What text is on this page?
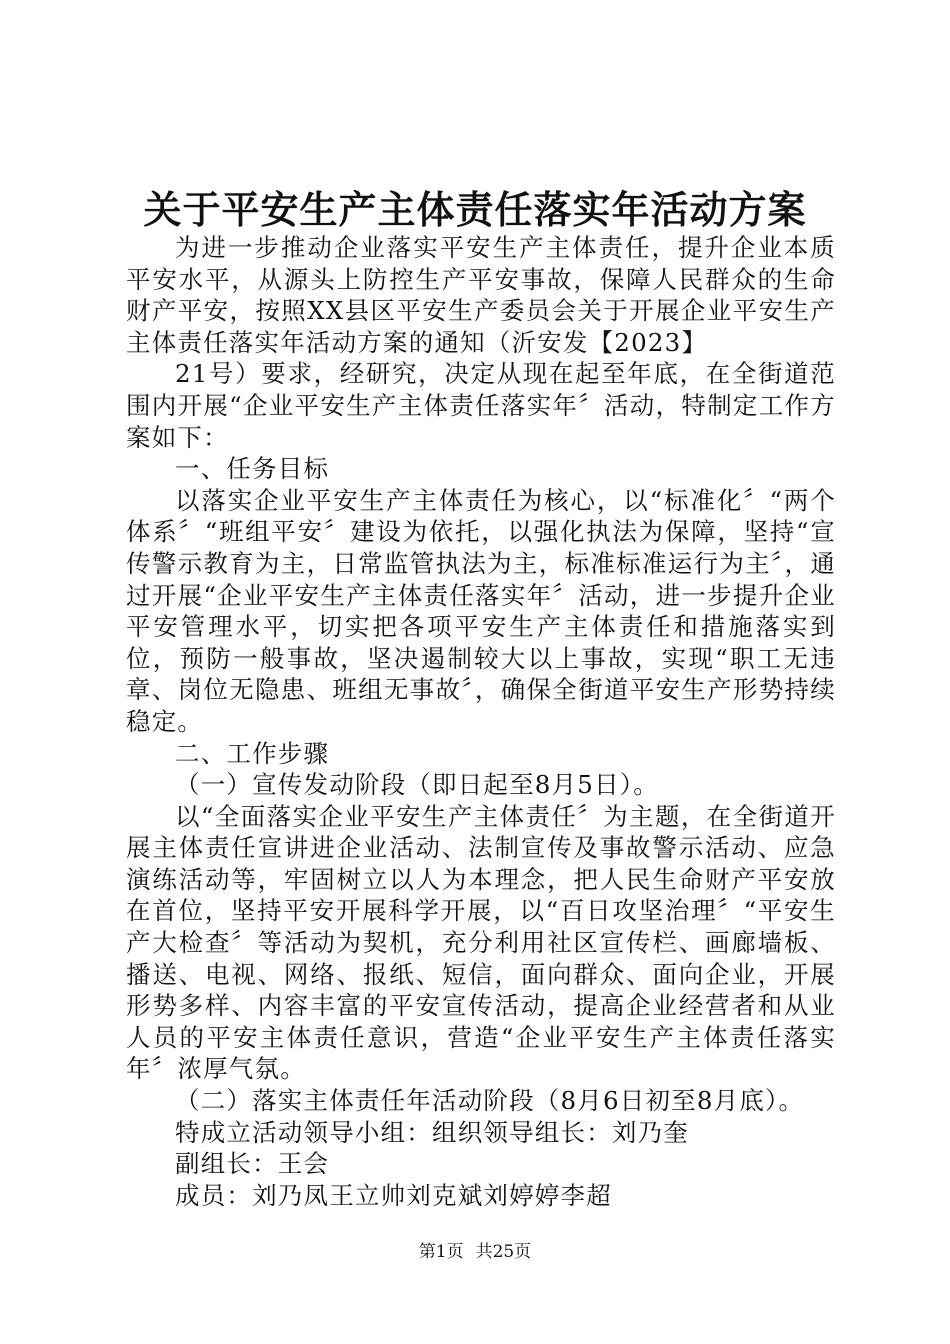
关于平安生产主体责任落实年活动方案

为进一步推动企业落实平安生产主体责任，提升企业本质平安水平，从源头上防控生产平安事故，保障人民群众的生命财产平安，按照XX县区平安生产委员会关于开展企业平安生产主体责任落实年活动方案的通知（沂安发【2023】

21号）要求，经研究，决定从现在起至年底，在全街道范围内开展“企业平安生产主体责任落实年〞活动，特制定工作方案如下：

一、任务目标

以落实企业平安生产主体责任为核心，以“标准化〞“两个体系〞“班组平安〞建设为依托，以强化执法为保障，坚持“宣传警示教育为主，日常监管执法为主，标准标准运行为主〞，通过开展“企业平安生产主体责任落实年〞活动，进一步提升企业平安管理水平，切实把各项平安生产主体责任和措施落实到位，预防一般事故，坚决遏制较大以上事故，实现“职工无违章、岗位无隐患、班组无事故〞，确保全街道平安生产形势持续稳定。

二、工作步骤

（一）宣传发动阶段（即日起至8月5日）。

以“全面落实企业平安生产主体责任〞为主题，在全街道开展主体责任宣讲进企业活动、法制宣传及事故警示活动、应急演练活动等，牢固树立以人为本理念，把人民生命财产平安放在首位，坚持平安开展科学开展，以“百日攻坚治理〞“平安生产大检查〞等活动为契机，充分利用社区宣传栏、画廊墙板、播送、电视、网络、报纸、短信，面向群众、面向企业，开展形势多样、内容丰富的平安宣传活动，提高企业经营者和从业人员的平安主体责任意识，营造“企业平安生产主体责任落实年〞浓厚气氛。

（二）落实主体责任年活动阶段（8月6日初至8月底）。

特成立活动领导小组：组织领导组长：刘乃奎

副组长：王会

成员：刘乃凤王立帅刘克斌刘婷婷李超

第1页 共25页
